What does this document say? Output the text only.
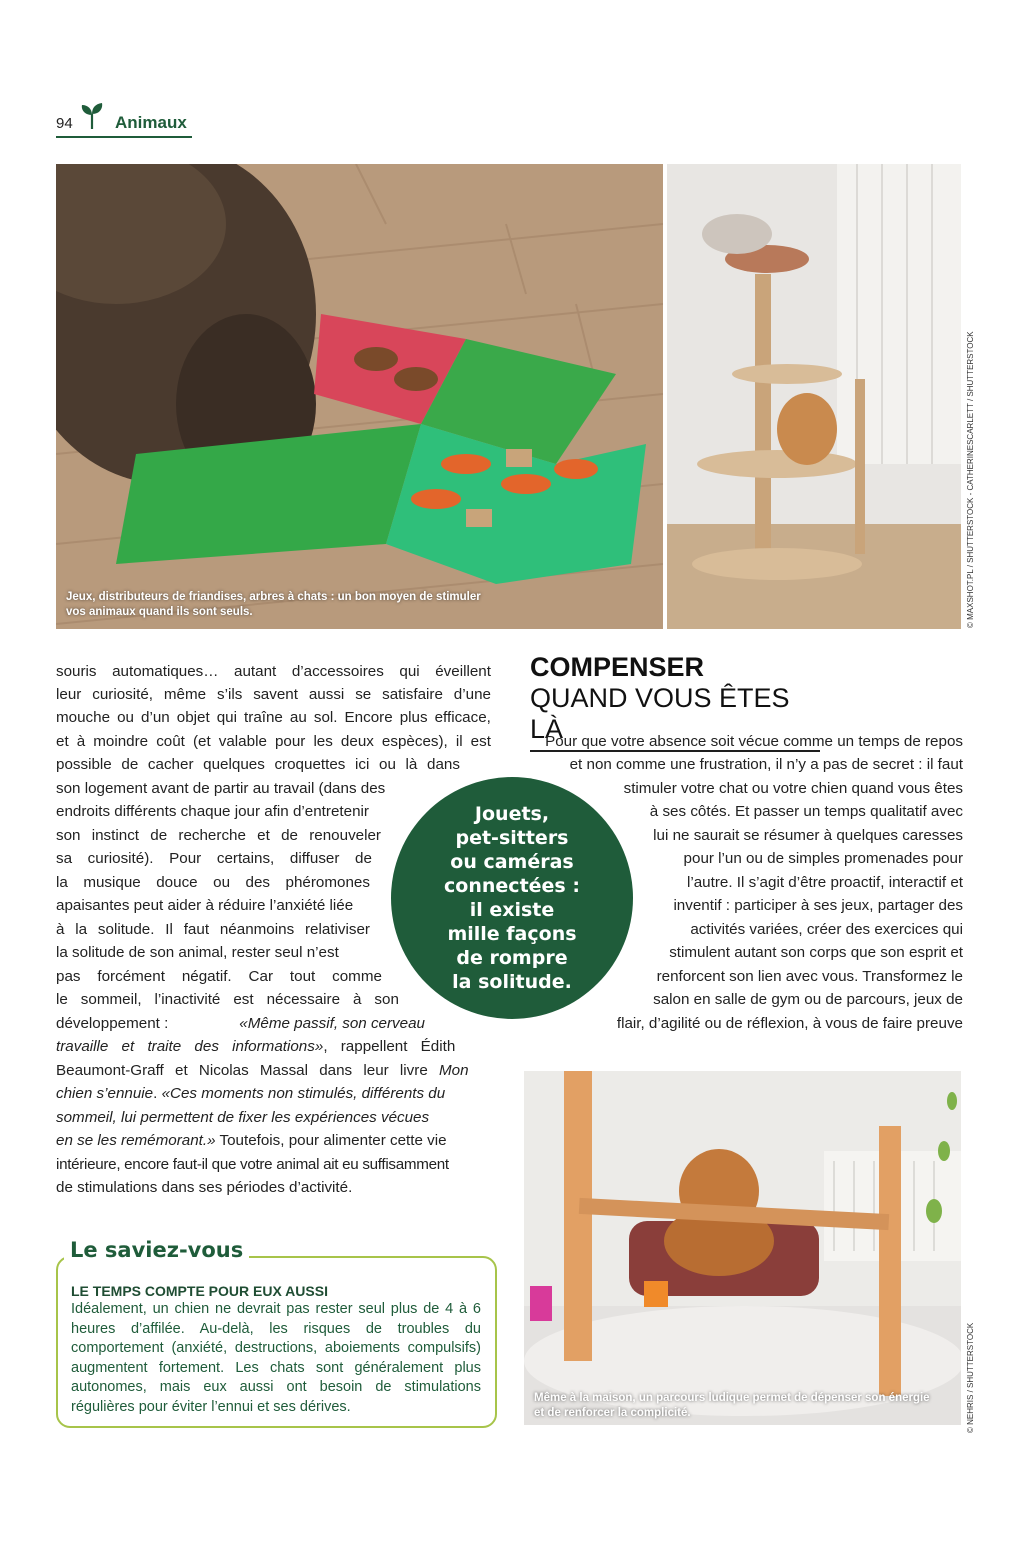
94 Animaux
Jeux, distributeurs de friandises, arbres à chats : un bon moyen de stimuler
vos animaux quand ils sont seuls.	© MAXSHOT.PL / SHUTTERSTOCK - CATHERINESCARLETT / SHUTTERSTOCK
souris automatiques… autant d’accessoires qui éveillent
leur curiosité, même s’ils savent aussi se satisfaire d’une
mouche ou d’un objet qui traîne au sol. Encore plus efficace,
et à moindre coût (et valable pour les deux espèces), il est
possible de cacher quelques croquettes ici ou là dans
son logement avant de partir au travail (dans des
endroits différents chaque jour afin d’entretenir
son instinct de recherche et de renouveler
sa curiosité). Pour certains, diffuser de
la musique douce ou des phéromones
apaisantes peut aider à réduire l’anxiété liée
à la solitude. Il faut néanmoins relativiser
la solitude de son animal, rester seul n’est
pas forcément négatif. Car tout comme
le sommeil, l’inactivité est nécessaire à son
développement :	«Même passif, son cerveau
travaille et traite des informations», rappellent Édith
Beaumont-Graff et Nicolas Massal dans leur livre Mon
chien s’ennuie. «Ces moments non stimulés, différents du
sommeil, lui permettent de fixer les expériences vécues
en se les remémorant.» Toutefois, pour alimenter cette vie
intérieure, encore faut-il que votre animal ait eu suffisamment
de stimulations dans ses périodes d’activité.
COMPENSER
QUAND VOUS ÊTES LÀ
Pour que votre absence soit vécue comme un temps de repos
et non comme une frustration, il n’y a pas de secret : il faut
stimuler votre chat ou votre chien quand vous êtes
à ses côtés. Et passer un temps qualitatif avec
lui ne saurait se résumer à quelques caresses
pour l’un ou de simples promenades pour
l’autre. Il s’agit d’être proactif, interactif et
inventif : participer à ses jeux, partager des
activités variées, créer des exercices qui
stimulent autant son corps que son esprit et
renforcent son lien avec vous. Transformez le
salon en salle de gym ou de parcours, jeux de
flair, d’agilité ou de réflexion, à vous de faire preuve
Jouets,
pet-sitters
ou caméras
connectées :
il existe
mille façons
de rompre
la solitude.
Même à la maison, un parcours ludique permet de dépenser son énergie
et de renforcer la complicité.	© NEHRIS / SHUTTERSTOCK
Le saviez-vous
LE TEMPS COMPTE POUR EUX AUSSI
Idéalement, un chien ne devrait pas rester seul plus de 4 à 6 heures d’affilée. Au-delà, les risques de troubles du comportement (anxiété, destructions, aboiements compulsifs) augmentent fortement. Les chats sont généralement plus autonomes, mais eux aussi ont besoin de stimulations régulières pour éviter l’ennui et ses dérives.
